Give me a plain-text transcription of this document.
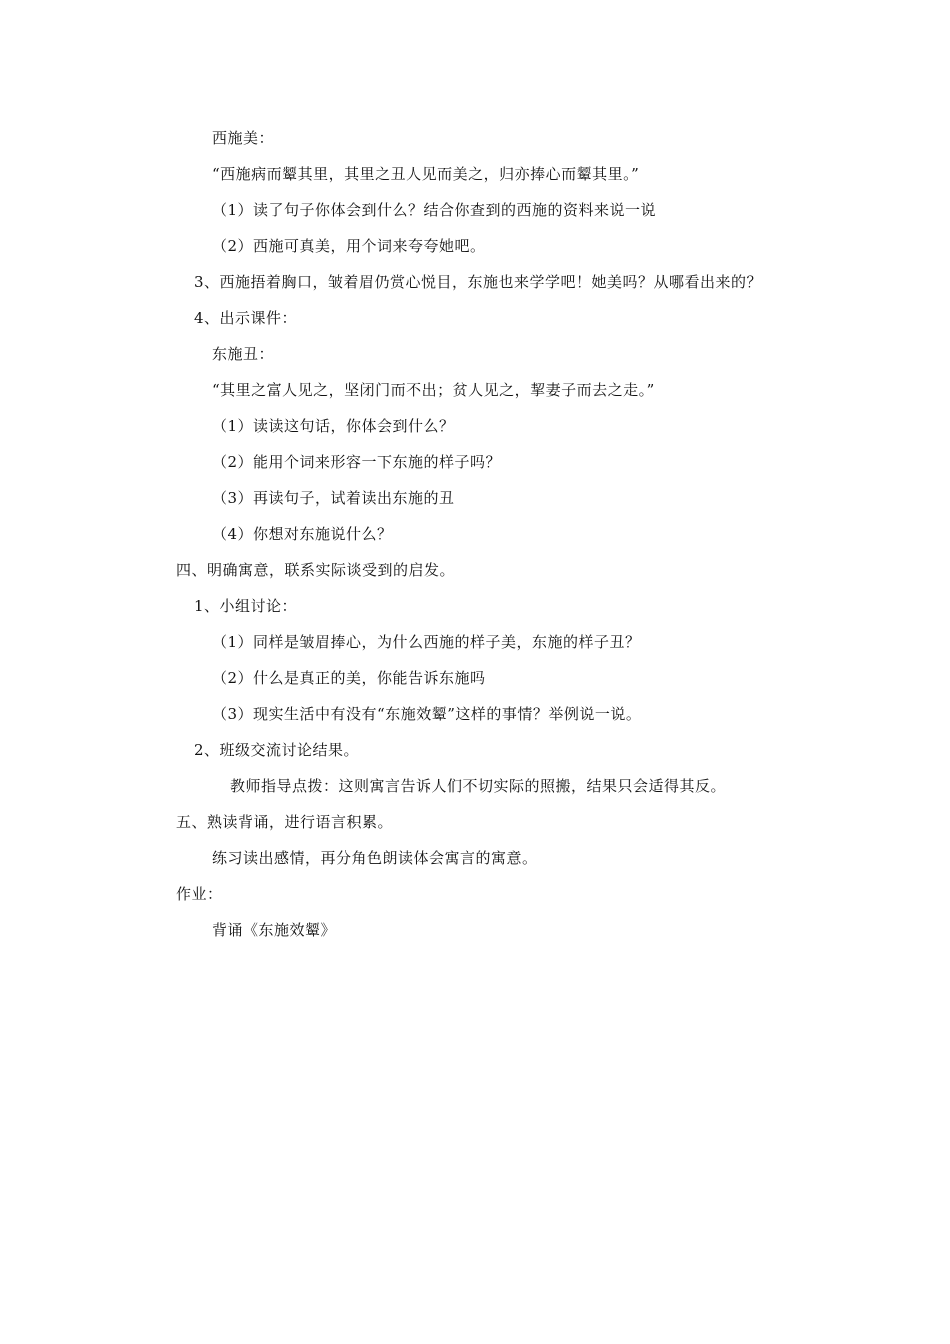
西施美：
“西施病而颦其里，其里之丑人见而美之，归亦捧心而颦其里。”
（1）读了句子你体会到什么？结合你查到的西施的资料来说一说
（2）西施可真美，用个词来夸夸她吧。
3、西施捂着胸口，皱着眉仍赏心悦目，东施也来学学吧！她美吗？从哪看出来的？
4、出示课件：
东施丑：
“其里之富人见之，坚闭门而不出；贫人见之，挈妻子而去之走。”
（1）读读这句话，你体会到什么？
（2）能用个词来形容一下东施的样子吗？
（3）再读句子，试着读出东施的丑
（4）你想对东施说什么？
四、明确寓意，联系实际谈受到的启发。
1、小组讨论：
（1）同样是皱眉捧心，为什么西施的样子美，东施的样子丑？
（2）什么是真正的美，你能告诉东施吗
（3）现实生活中有没有“东施效颦”这样的事情？举例说一说。
2、班级交流讨论结果。
教师指导点拨：这则寓言告诉人们不切实际的照搬，结果只会适得其反。
五、熟读背诵，进行语言积累。
练习读出感情，再分角色朗读体会寓言的寓意。
作业：
背诵《东施效颦》
